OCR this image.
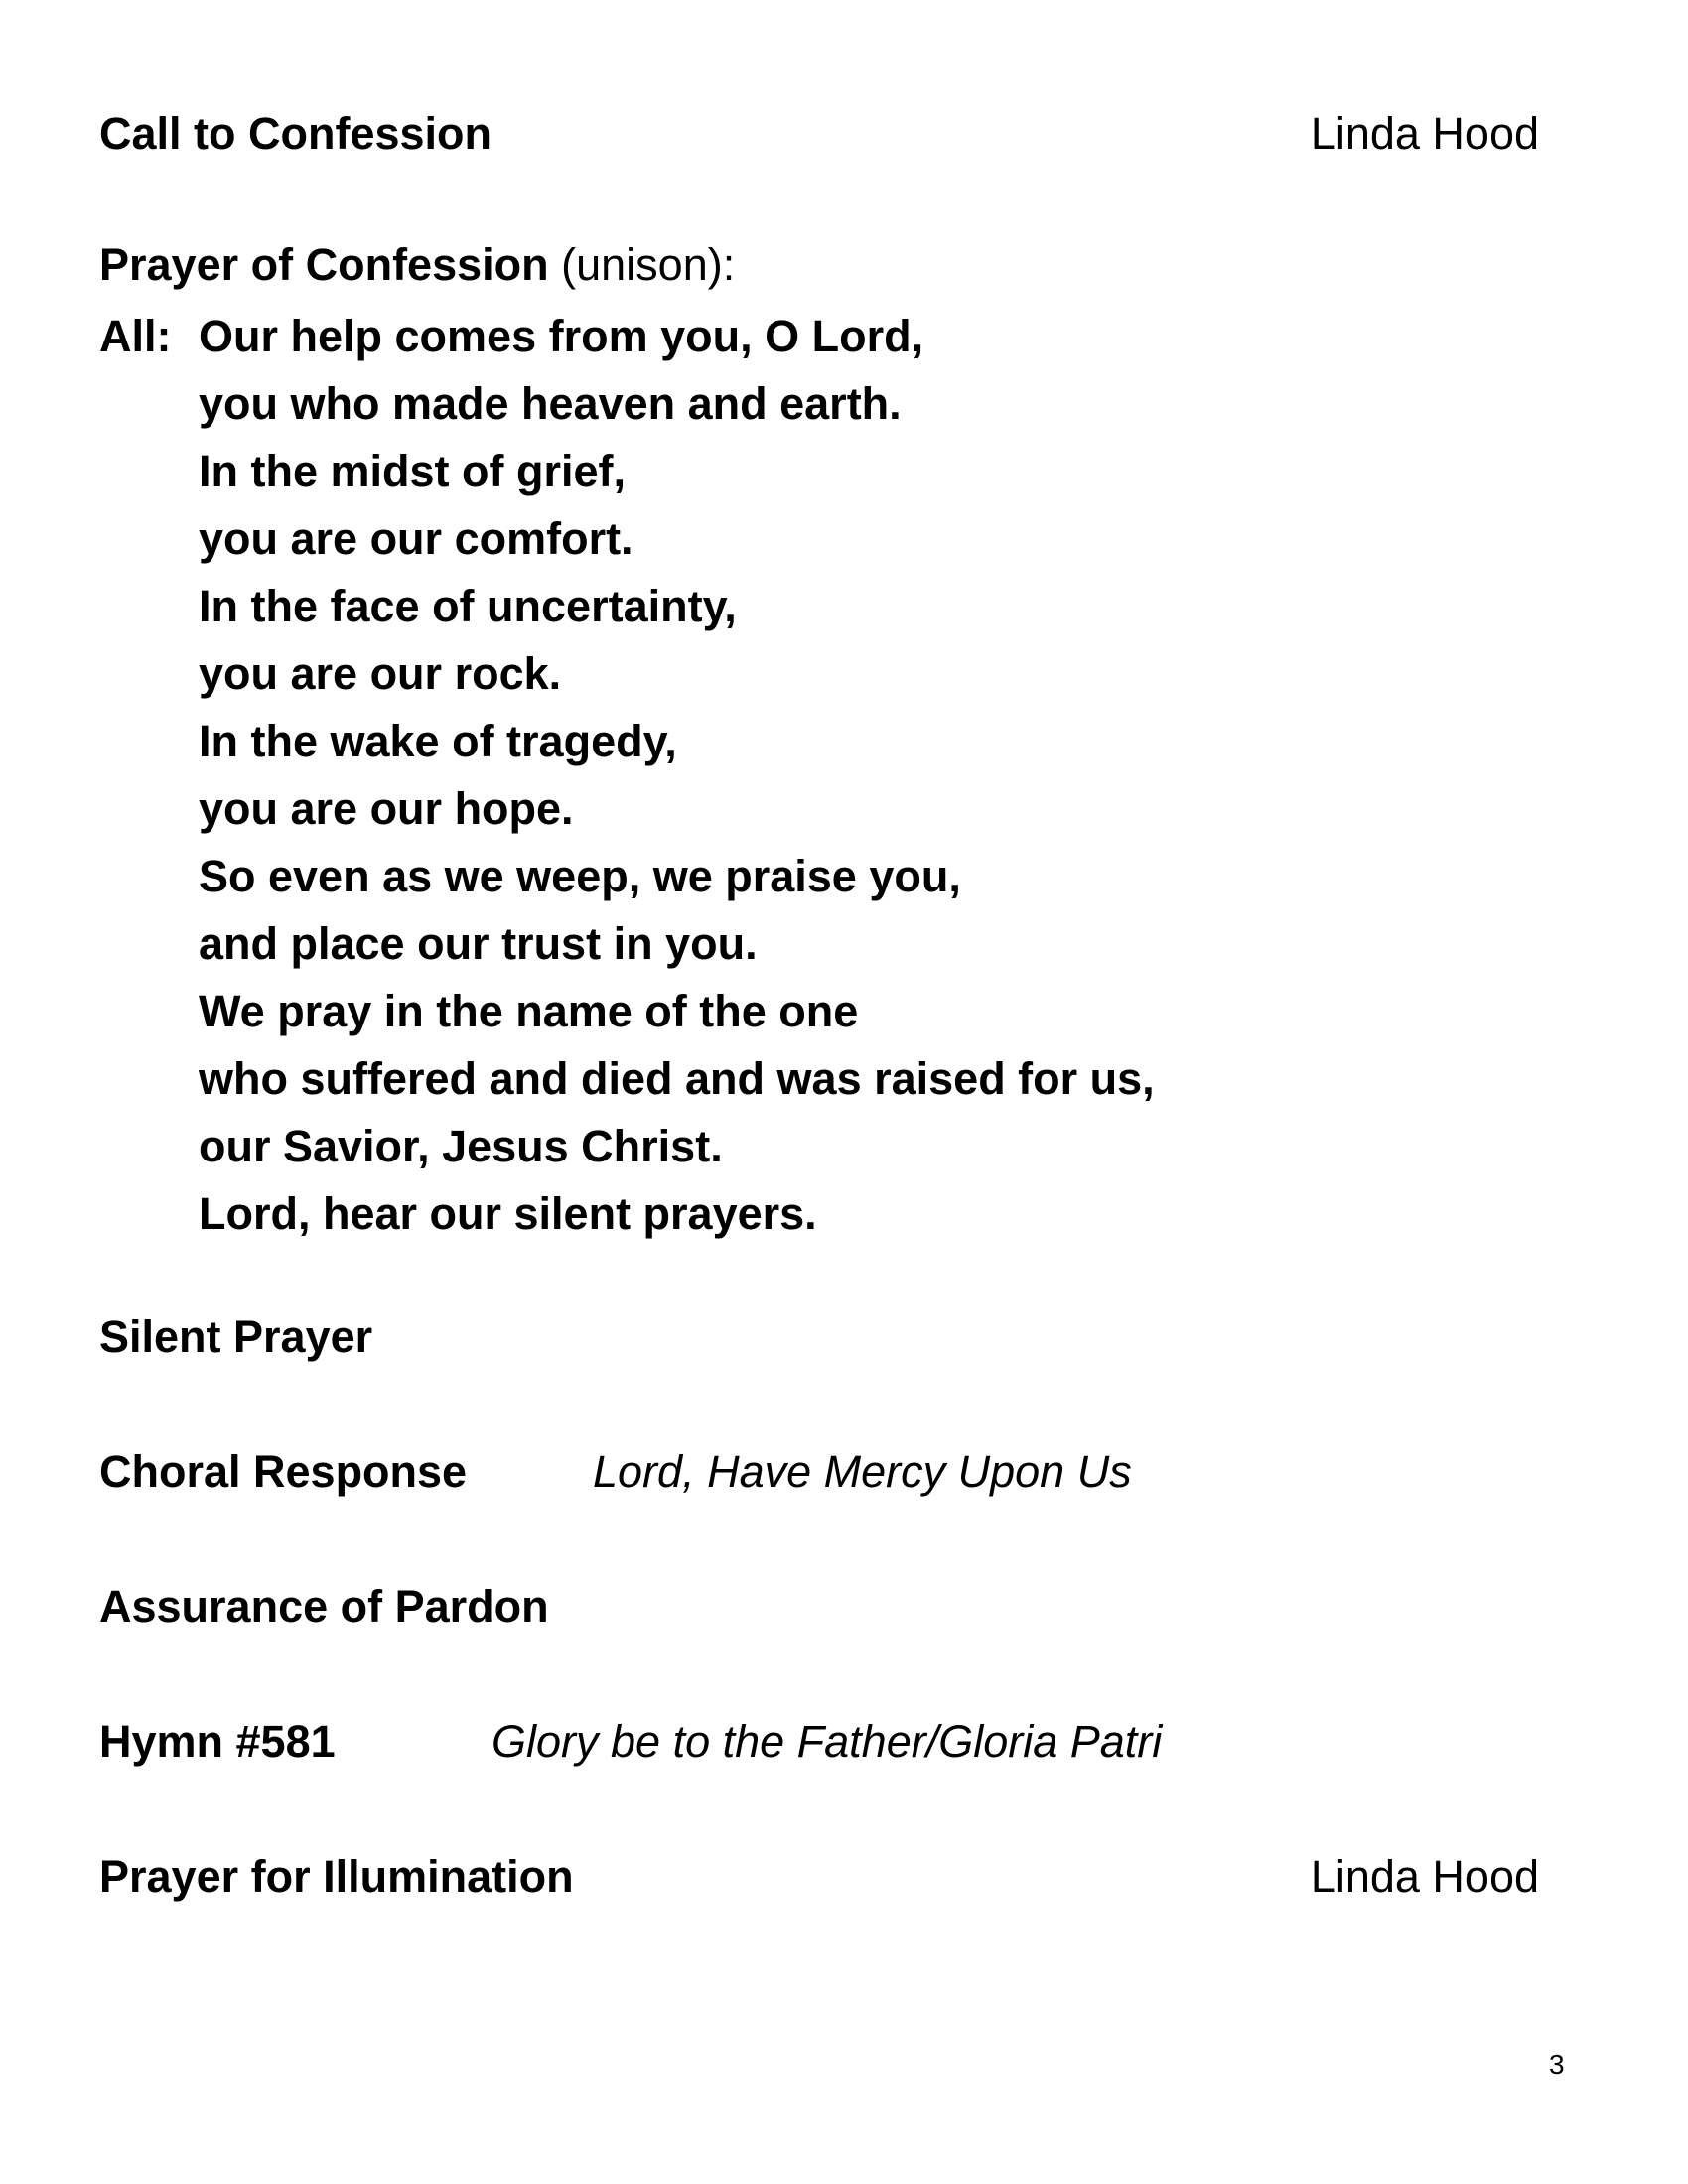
Call to Confession	Linda Hood
Prayer of Confession (unison):
All: Our help comes from you, O Lord,
you who made heaven and earth.
In the midst of grief,
you are our comfort.
In the face of uncertainty,
you are our rock.
In the wake of tragedy,
you are our hope.
So even as we weep, we praise you,
and place our trust in you.
We pray in the name of the one
who suffered and died and was raised for us,
our Savior, Jesus Christ.
Lord, hear our silent prayers.
Silent Prayer
Choral Response	Lord, Have Mercy Upon Us
Assurance of Pardon
Hymn #581	Glory be to the Father/Gloria Patri
Prayer for Illumination	Linda Hood
3
